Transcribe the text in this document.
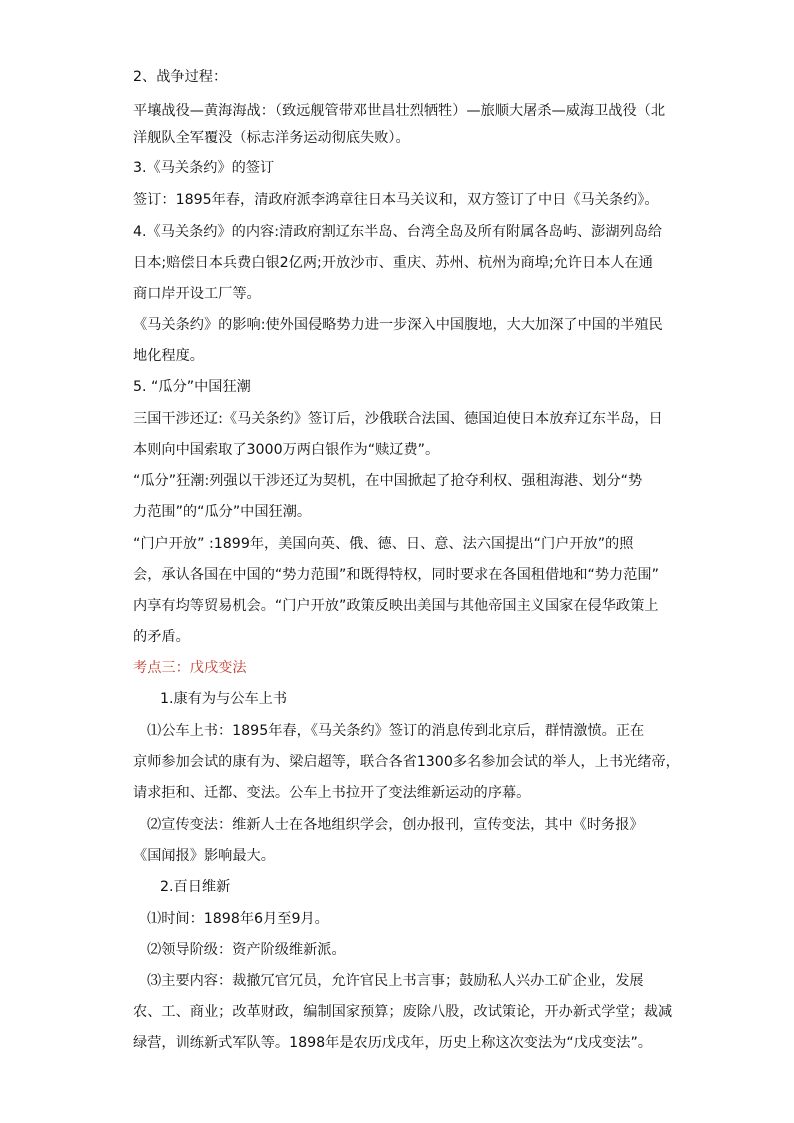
2、战争过程：
平壤战役—黄海海战：（致远舰管带邓世昌壮烈牺牲）—旅顺大屠杀—威海卫战役（北
洋舰队全军覆没（标志洋务运动彻底失败）。
3.《马关条约》的签订
签订：1895年春，清政府派李鸿章往日本马关议和，双方签订了中日《马关条约》。
4.《马关条约》的内容:清政府割辽东半岛、台湾全岛及所有附属各岛屿、澎湖列岛给
日本;赔偿日本兵费白银2亿两;开放沙市、重庆、苏州、杭州为商埠;允许日本人在通
商口岸开设工厂等。
《马关条约》的影响:使外国侵略势力进一步深入中国腹地，大大加深了中国的半殖民
地化程度。
5. “瓜分”中国狂潮
三国干涉还辽:《马关条约》签订后，沙俄联合法国、德国迫使日本放弃辽东半岛，日
本则向中国索取了3000万两白银作为“赎辽费”。
“瓜分”狂潮:列强以干涉还辽为契机，在中国掀起了抢夺利权、强租海港、划分“势
力范围”的“瓜分”中国狂潮。
“门户开放” :1899年，美国向英、俄、德、日、意、法六国提出“门户开放”的照
会，承认各国在中国的“势力范围”和既得特权，同时要求在各国租借地和“势力范围”
内享有均等贸易机会。“门户开放”政策反映出美国与其他帝国主义国家在侵华政策上
的矛盾。
考点三：戊戌变法
1.康有为与公车上书
⑴公车上书：1895年春，《马关条约》签订的消息传到北京后，群情激愤。正在
京师参加会试的康有为、梁启超等，联合各省1300多名参加会试的举人，上书光绪帝，
请求拒和、迁都、变法。公车上书拉开了变法维新运动的序幕。
⑵宣传变法：维新人士在各地组织学会，创办报刊，宣传变法，其中《时务报》
《国闻报》影响最大。
2.百日维新
⑴时间：1898年6月至9月。
⑵领导阶级：资产阶级维新派。
⑶主要内容：裁撤冗官冗员，允许官民上书言事；鼓励私人兴办工矿企业，发展
农、工、商业；改革财政，编制国家预算；废除八股，改试策论，开办新式学堂；裁减
绿营，训练新式军队等。1898年是农历戊戌年，历史上称这次变法为“戊戌变法”。
